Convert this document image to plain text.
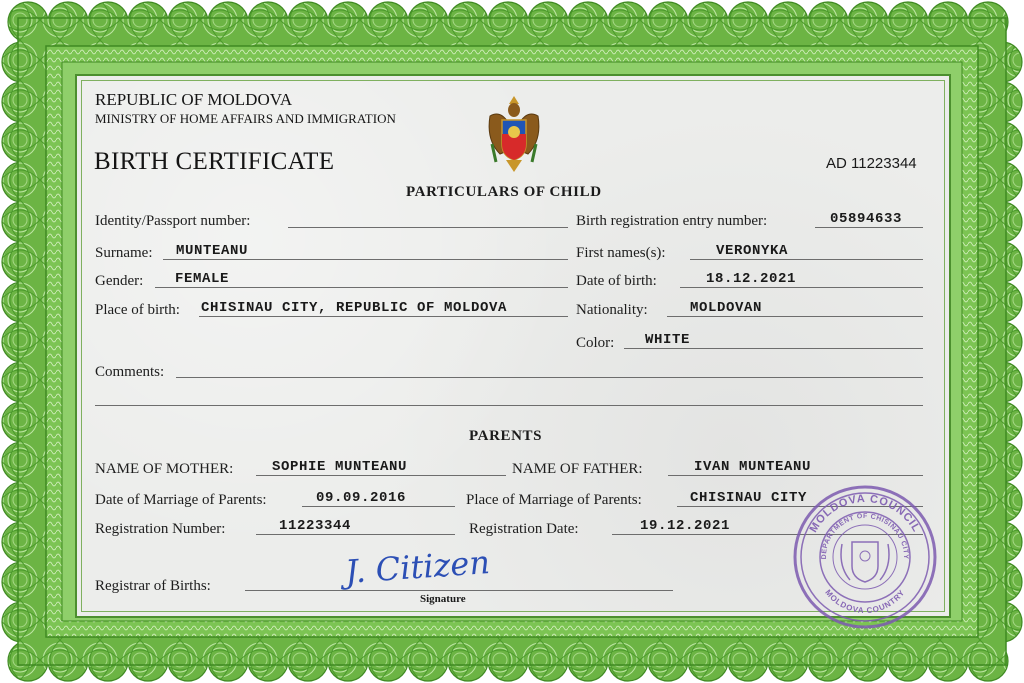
REPUBLIC OF MOLDOVA
MINISTRY OF HOME AFFAIRS AND IMMIGRATION
BIRTH CERTIFICATE	AD 11223344
PARTICULARS OF CHILD
Identity/Passport number:	Birth registration entry number:	05894633
Surname: MUNTEANU	First names(s):	VERONYKA
Gender: FEMALE	Date of birth:	18.12.2021
Place of birth: CHISINAU CITY, REPUBLIC OF MOLDOVA	Nationality:	MOLDOVAN
Color: WHITE
Comments:
PARENTS
NAME OF MOTHER:	SOPHIE MUNTEANU	NAME OF FATHER:	IVAN MUNTEANU
Date of Marriage of Parents:	09.09.2016	Place of Marriage of Parents:	CHISINAU CITY
Registration Number:	11223344	Registration Date:	19.12.2021
Registrar of Births:	J. Citizen
Signature
MOLDOVA COUNCIL
DEPARTMENT OF CHISINAU CITY
MOLDOVA COUNTRY
